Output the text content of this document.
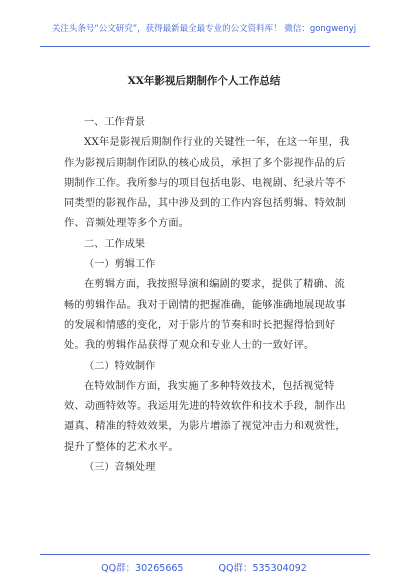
关注头条号“公文研究”，获得最新最全最专业的公文资料库！ 微信：gongwenyj
XX年影视后期制作个人工作总结

一、工作背景

XX年是影视后期制作行业的关键性一年，在这一年里，我作为影视后期制作团队的核心成员，承担了多个影视作品的后期制作工作。我所参与的项目包括电影、电视剧、纪录片等不同类型的影视作品，其中涉及到的工作内容包括剪辑、特效制作、音频处理等多个方面。

二、工作成果

（一）剪辑工作

在剪辑方面，我按照导演和编剧的要求，提供了精确、流畅的剪辑作品。我对于剧情的把握准确，能够准确地展现故事的发展和情感的变化，对于影片的节奏和时长把握得恰到好处。我的剪辑作品获得了观众和专业人士的一致好评。

（二）特效制作

在特效制作方面，我实施了多种特效技术，包括视觉特效、动画特效等。我运用先进的特效软件和技术手段，制作出逼真、精准的特效效果，为影片增添了视觉冲击力和观赏性，提升了整体的艺术水平。

（三）音频处理

QQ群：30265665	QQ群：535304092
